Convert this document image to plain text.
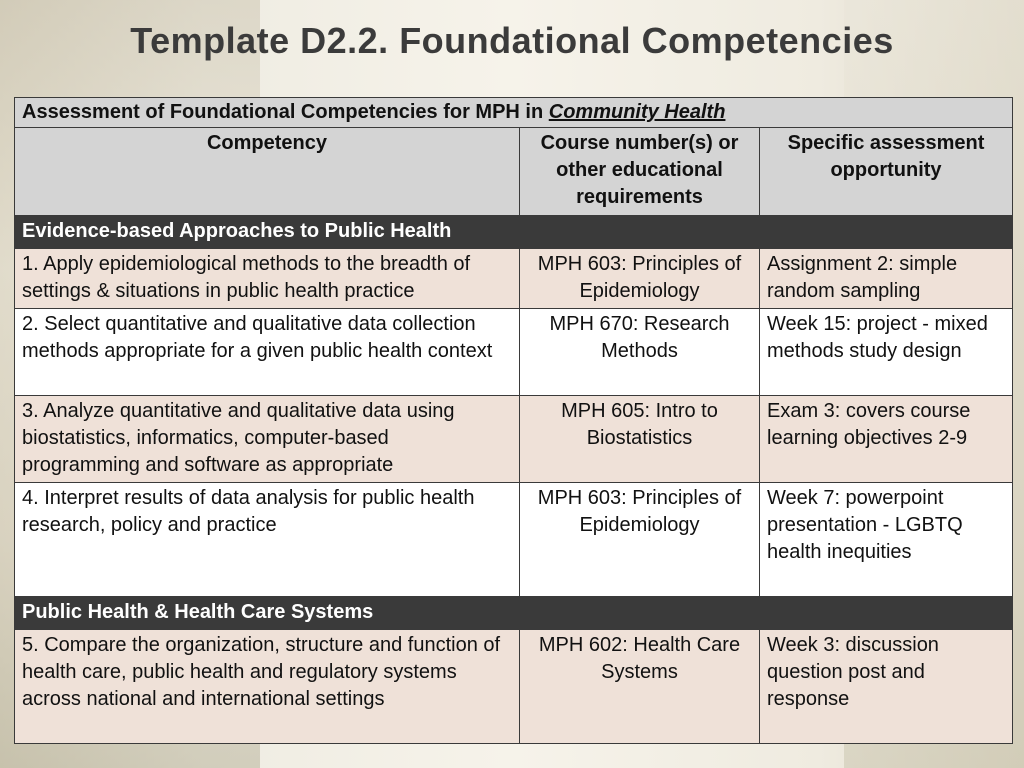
Template D2.2. Foundational Competencies
Assessment of Foundational Competencies for MPH in Community Health		
Competency	Course number(s) or other educational requirements	Specific assessment opportunity
Evidence-based Approaches to Public Health		
1. Apply epidemiological methods to the breadth of settings & situations in public health practice	MPH 603: Principles of Epidemiology	Assignment 2: simple random sampling
2. Select quantitative and qualitative data collection methods appropriate for a given public health context	MPH 670: Research Methods	Week 15: project - mixed methods study design
3. Analyze quantitative and qualitative data using biostatistics, informatics, computer-based programming and software as appropriate	MPH 605: Intro to Biostatistics	Exam 3: covers course learning objectives 2-9
4. Interpret results of data analysis for public health research, policy and practice	MPH 603: Principles of Epidemiology	Week 7: powerpoint presentation - LGBTQ health inequities
Public Health & Health Care Systems		
5. Compare the organization, structure and function of health care, public health and regulatory systems across national and international settings	MPH 602: Health Care Systems	Week 3: discussion question post and response
